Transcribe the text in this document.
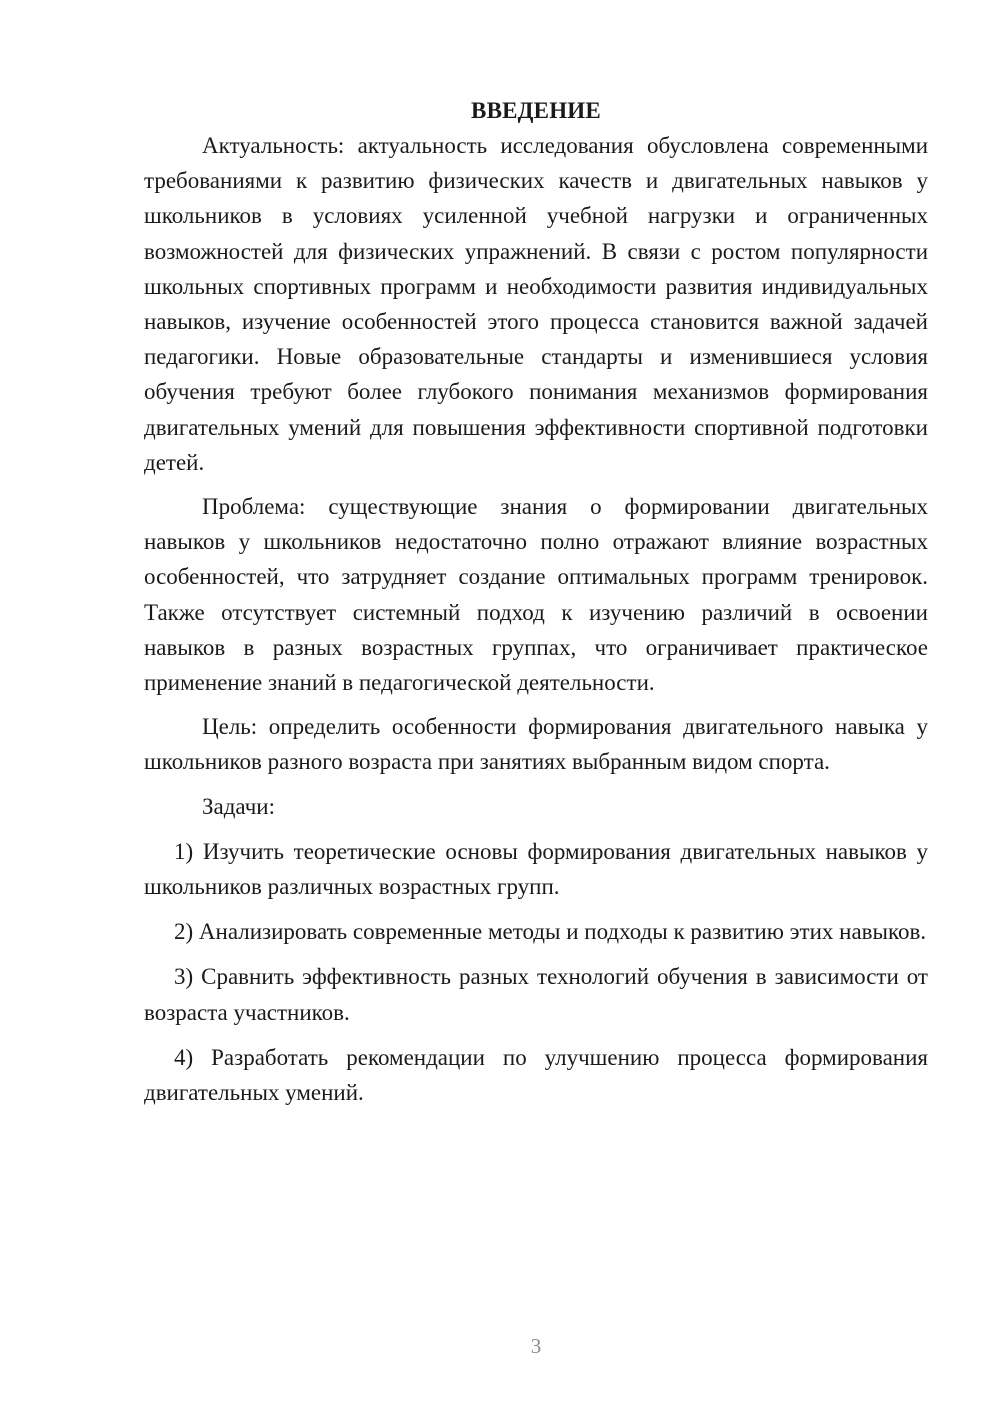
ВВЕДЕНИЕ

Актуальность: актуальность исследования обусловлена современными требованиями к развитию физических качеств и двигательных навыков у школьников в условиях усиленной учебной нагрузки и ограниченных возможностей для физических упражнений. В связи с ростом популярности школьных спортивных программ и необходимости развития индивидуальных навыков, изучение особенностей этого процесса становится важной задачей педагогики. Новые образовательные стандарты и изменившиеся условия обучения требуют более глубокого понимания механизмов формирования двигательных умений для повышения эффективности спортивной подготовки детей.

Проблема: существующие знания о формировании двигательных навыков у школьников недостаточно полно отражают влияние возрастных особенностей, что затрудняет создание оптимальных программ тренировок. Также отсутствует системный подход к изучению различий в освоении навыков в разных возрастных группах, что ограничивает практическое применение знаний в педагогической деятельности.

Цель: определить особенности формирования двигательного навыка у школьников разного возраста при занятиях выбранным видом спорта.

Задачи:

1) Изучить теоретические основы формирования двигательных навыков у школьников различных возрастных групп.

2) Анализировать современные методы и подходы к развитию этих навыков.

3) Сравнить эффективность разных технологий обучения в зависимости от возраста участников.

4) Разработать рекомендации по улучшению процесса формирования двигательных умений.

3
